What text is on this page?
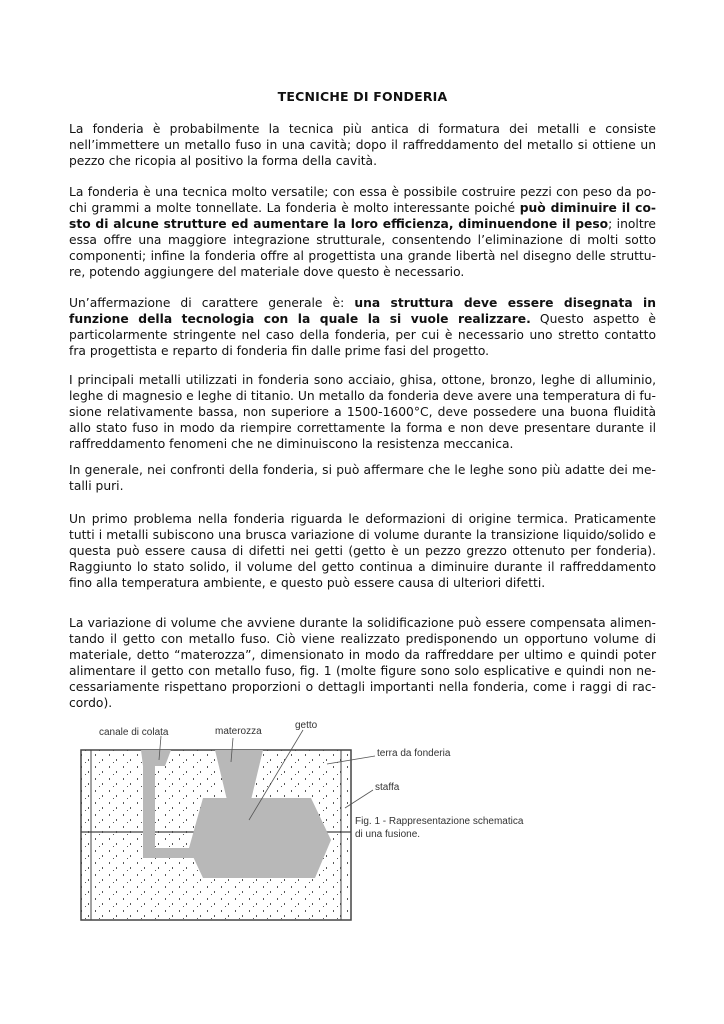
TECNICHE DI FONDERIA

La fonderia è probabilmente la tecnica più antica di formatura dei metalli e consiste nell’immettere un metallo fuso in una cavità; dopo il raffreddamento del metallo si ottiene un pezzo che ricopia al positivo la forma della cavità.

La fonderia è una tecnica molto versatile; con essa è possibile costruire pezzi con peso da po-chi grammi a molte tonnellate. La fonderia è molto interessante poiché può diminuire il co-sto di alcune strutture ed aumentare la loro efficienza, diminuendone il peso; inoltre essa offre una maggiore integrazione strutturale, consentendo l’eliminazione di molti sotto componenti; infine la fonderia offre al progettista una grande libertà nel disegno delle struttu-re, potendo aggiungere del materiale dove questo è necessario.

Un’affermazione di carattere generale è: una struttura deve essere disegnata in funzione della tecnologia con la quale la si vuole realizzare. Questo aspetto è particolarmente stringente nel caso della fonderia, per cui è necessario uno stretto contatto fra progettista e reparto di fonderia fin dalle prime fasi del progetto.

I principali metalli utilizzati in fonderia sono acciaio, ghisa, ottone, bronzo, leghe di alluminio, leghe di magnesio e leghe di titanio. Un metallo da fonderia deve avere una temperatura di fu-sione relativamente bassa, non superiore a 1500-1600°C, deve possedere una buona fluidità allo stato fuso in modo da riempire correttamente la forma e non deve presentare durante il raffreddamento fenomeni che ne diminuiscono la resistenza meccanica.

In generale, nei confronti della fonderia, si può affermare che le leghe sono più adatte dei me-talli puri.

Un primo problema nella fonderia riguarda le deformazioni di origine termica. Praticamente tutti i metalli subiscono una brusca variazione di volume durante la transizione liquido/solido e questa può essere causa di difetti nei getti (getto è un pezzo grezzo ottenuto per fonderia). Raggiunto lo stato solido, il volume del getto continua a diminuire durante il raffreddamento fino alla temperatura ambiente, e questo può essere causa di ulteriori difetti.

La variazione di volume che avviene durante la solidificazione può essere compensata alimen-tando il getto con metallo fuso. Ciò viene realizzato predisponendo un opportuno volume di materiale, detto “materozza”, dimensionato in modo da raffreddare per ultimo e quindi poter alimentare il getto con metallo fuso, fig. 1 (molte figure sono solo esplicative e quindi non ne-cessariamente rispettano proporzioni o dettagli importanti nella fonderia, come i raggi di rac-cordo).

canale di colata	materozza
getto
terra da fonderia
staffa
Fig. 1 - Rappresentazione schematica
di una fusione.
